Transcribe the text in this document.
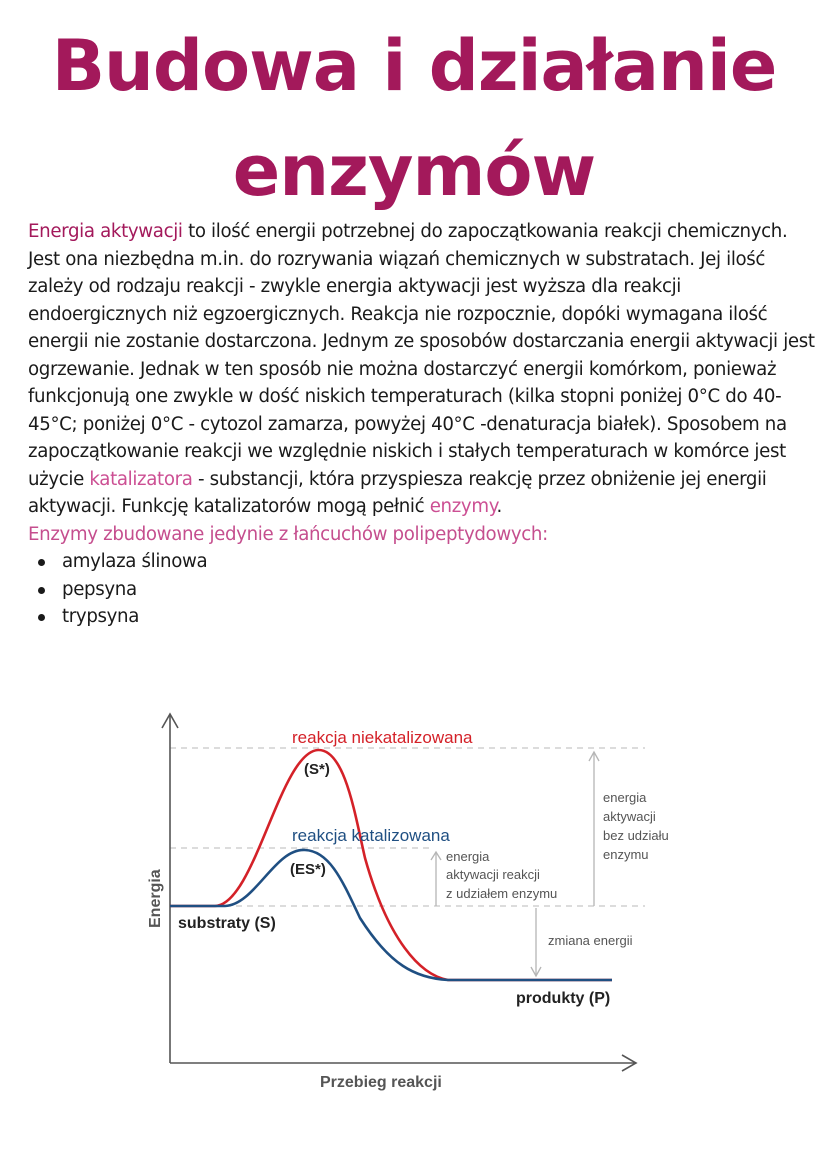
Budowa i działanie
enzymów

Energia aktywacji to ilość energii potrzebnej do zapoczątkowania reakcji chemicznych. Jest ona niezbędna m.in. do rozrywania wiązań chemicznych w substratach. Jej ilość zależy od rodzaju reakcji - zwykle energia aktywacji jest wyższa dla reakcji endoergicznych niż egzoergicznych. Reakcja nie rozpocznie, dopóki wymagana ilość energii nie zostanie dostarczona. Jednym ze sposobów dostarczania energii aktywacji jest ogrzewanie. Jednak w ten sposób nie można dostarczyć energii komórkom, ponieważ funkcjonują one zwykle w dość niskich temperaturach (kilka stopni poniżej 0°C do 40-45°C; poniżej 0°C - cytozol zamarza, powyżej 40°C -denaturacja białek). Sposobem na zapoczątkowanie reakcji we względnie niskich i stałych temperaturach w komórce jest użycie katalizatora - substancji, która przyspiesza reakcję przez obniżenie jej energii aktywacji. Funkcję katalizatorów mogą pełnić enzymy.

Enzymy zbudowane jedynie z łańcuchów polipeptydowych:

amylaza ślinowa
pepsyna
trypsyna
reakcja niekatalizowana
(S*)
reakcja katalizowana
(ES*)
substraty (S)
produkty (P)
Energia
Przebieg reakcji
energia aktywacji bez udziału enzymu
energia aktywacji reakcji z udziałem enzymu
zmiana energii
